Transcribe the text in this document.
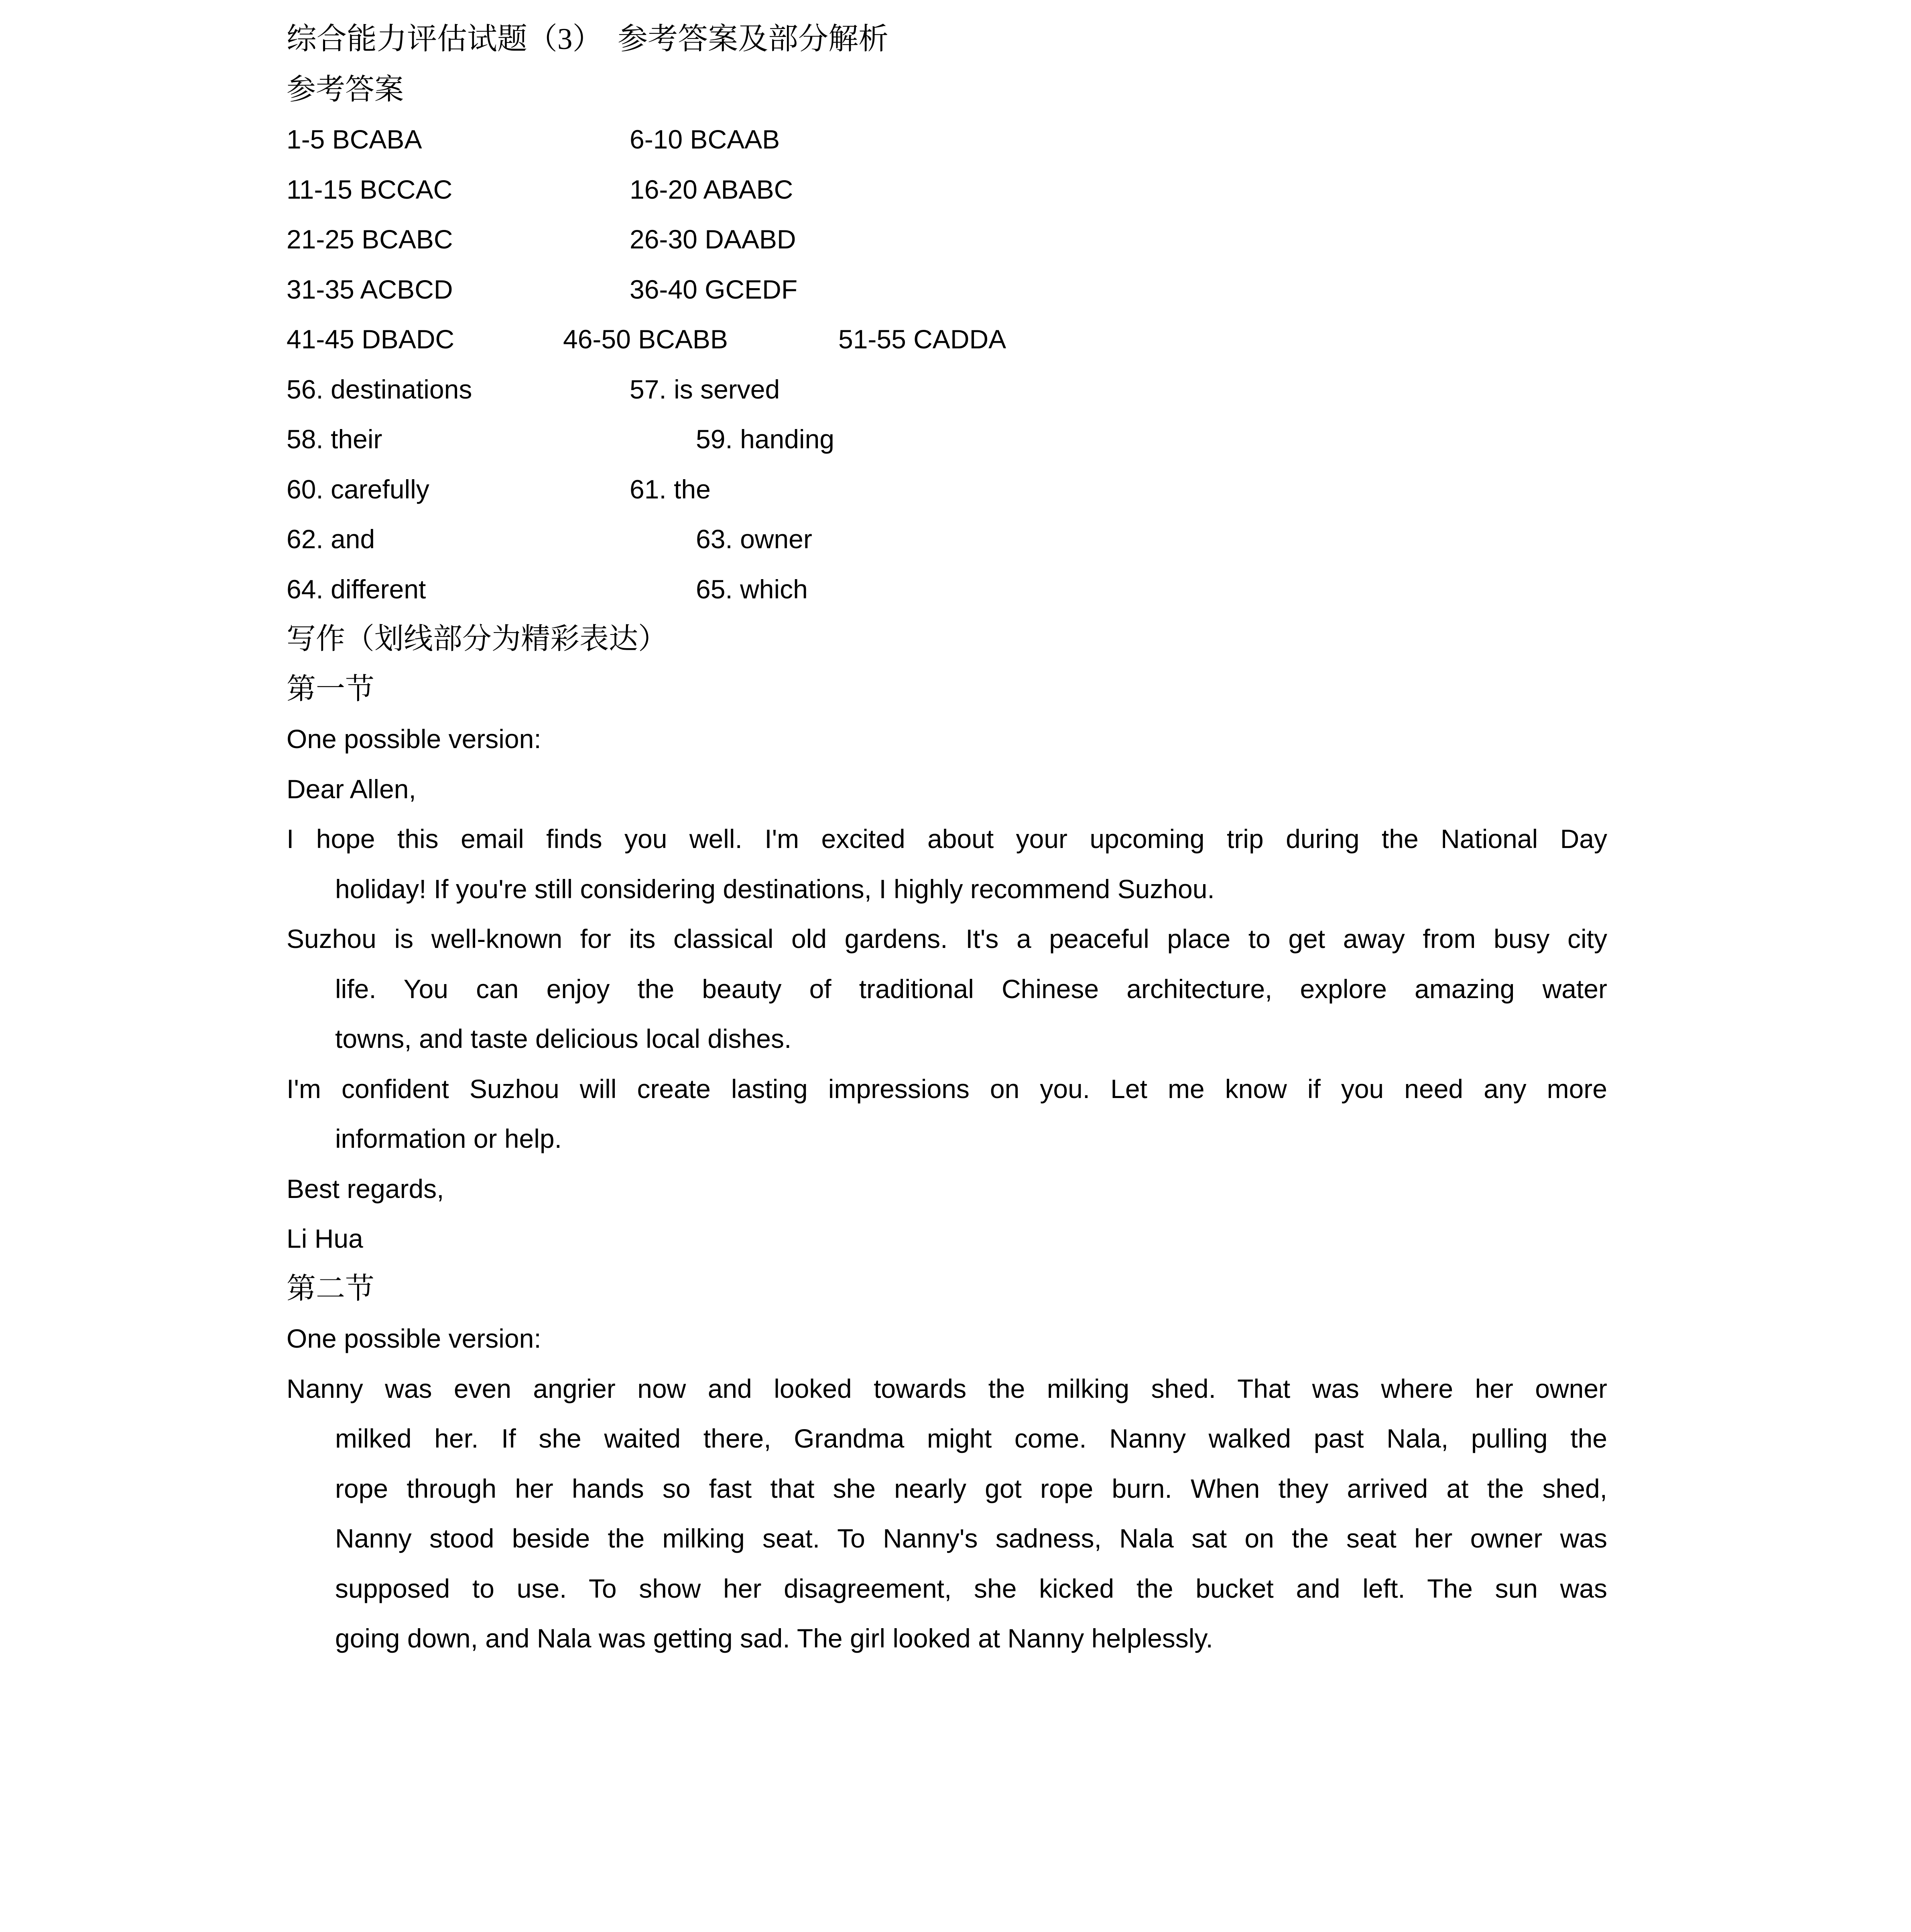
综合能力评估试题（3）　参考答案及部分解析
参考答案
1-5 BCABA	6-10 BCAAB
11-15 BCCAC	16-20 ABABC
21-25 BCABC	26-30 DAABD
31-35 ACBCD	36-40 GCEDF
41-45 DBADC	46-50 BCABB	51-55 CADDA
56. destinations	57. is served
58. their	59. handing
60. carefully	61. the
62. and	63. owner
64. different	65. which
写作（划线部分为精彩表达）
第一节
One possible version:
Dear Allen,
I hope this email finds you well. I'm excited about your upcoming trip during the National Day
holiday! If you're still considering destinations, I highly recommend Suzhou.
Suzhou is well-known for its classical old gardens. It's a peaceful place to get away from busy city
life. You can enjoy the beauty of traditional Chinese architecture, explore amazing water
towns, and taste delicious local dishes.
I'm confident Suzhou will create lasting impressions on you. Let me know if you need any more
information or help.
Best regards,
Li Hua
第二节
One possible version:
Nanny was even angrier now and looked towards the milking shed. That was where her owner
milked her. If she waited there, Grandma might come. Nanny walked past Nala, pulling the
rope through her hands so fast that she nearly got rope burn. When they arrived at the shed,
Nanny stood beside the milking seat. To Nanny's sadness, Nala sat on the seat her owner was
supposed to use. To show her disagreement, she kicked the bucket and left. The sun was
going down, and Nala was getting sad. The girl looked at Nanny helplessly.
